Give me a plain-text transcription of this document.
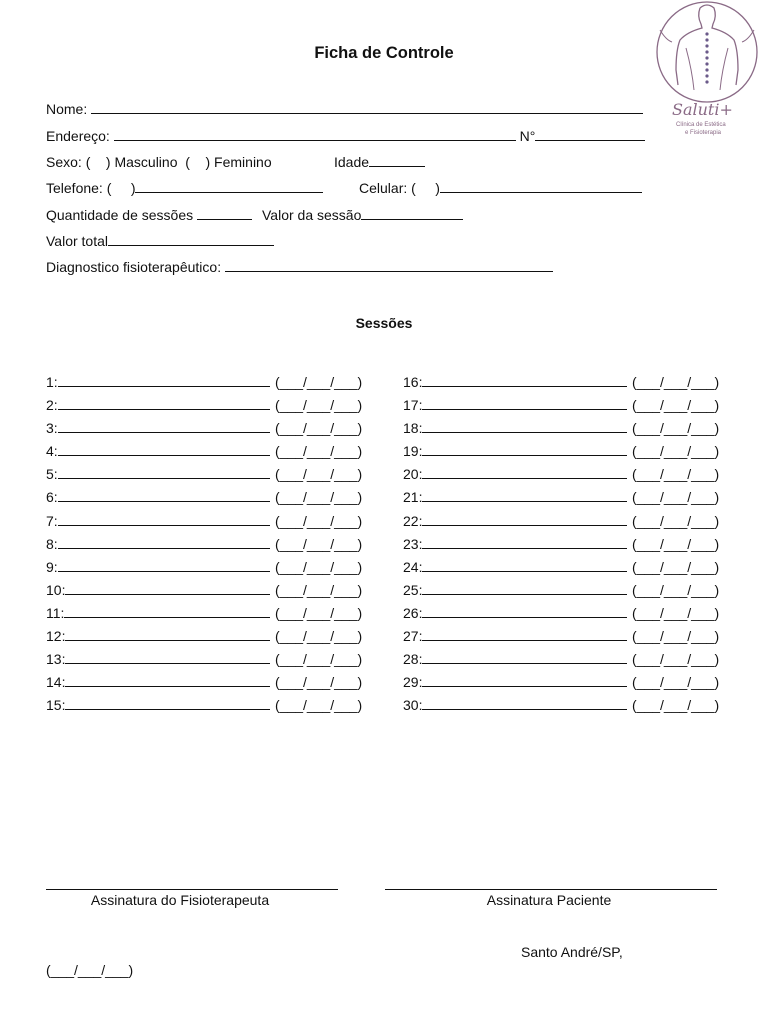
Ficha de Controle
Saluti+
Clínica de Estética
e Fisioterapia
Nome:
Endereço:	N°
Sexo: (    ) Masculino  (    ) Feminino	Idade
Telefone: (     )	Celular: (     )
Quantidade de sessões	Valor da sessão
Valor total
Diagnostico fisioterapêutico:
Sessões
1:	(___/___/___)
2:	(___/___/___)
3:	(___/___/___)
4:	(___/___/___)
5:	(___/___/___)
6:	(___/___/___)
7:	(___/___/___)
8:	(___/___/___)
9:	(___/___/___)
10:	(___/___/___)
11:	(___/___/___)
12:	(___/___/___)
13:	(___/___/___)
14:	(___/___/___)
15:	(___/___/___)
16:	(___/___/___)
17:	(___/___/___)
18:	(___/___/___)
19:	(___/___/___)
20:	(___/___/___)
21:	(___/___/___)
22:	(___/___/___)
23:	(___/___/___)
24:	(___/___/___)
25:	(___/___/___)
26:	(___/___/___)
27:	(___/___/___)
28:	(___/___/___)
29:	(___/___/___)
30:	(___/___/___)
Assinatura do Fisioterapeuta	Assinatura Paciente
Santo André/SP,
(___/___/___)
